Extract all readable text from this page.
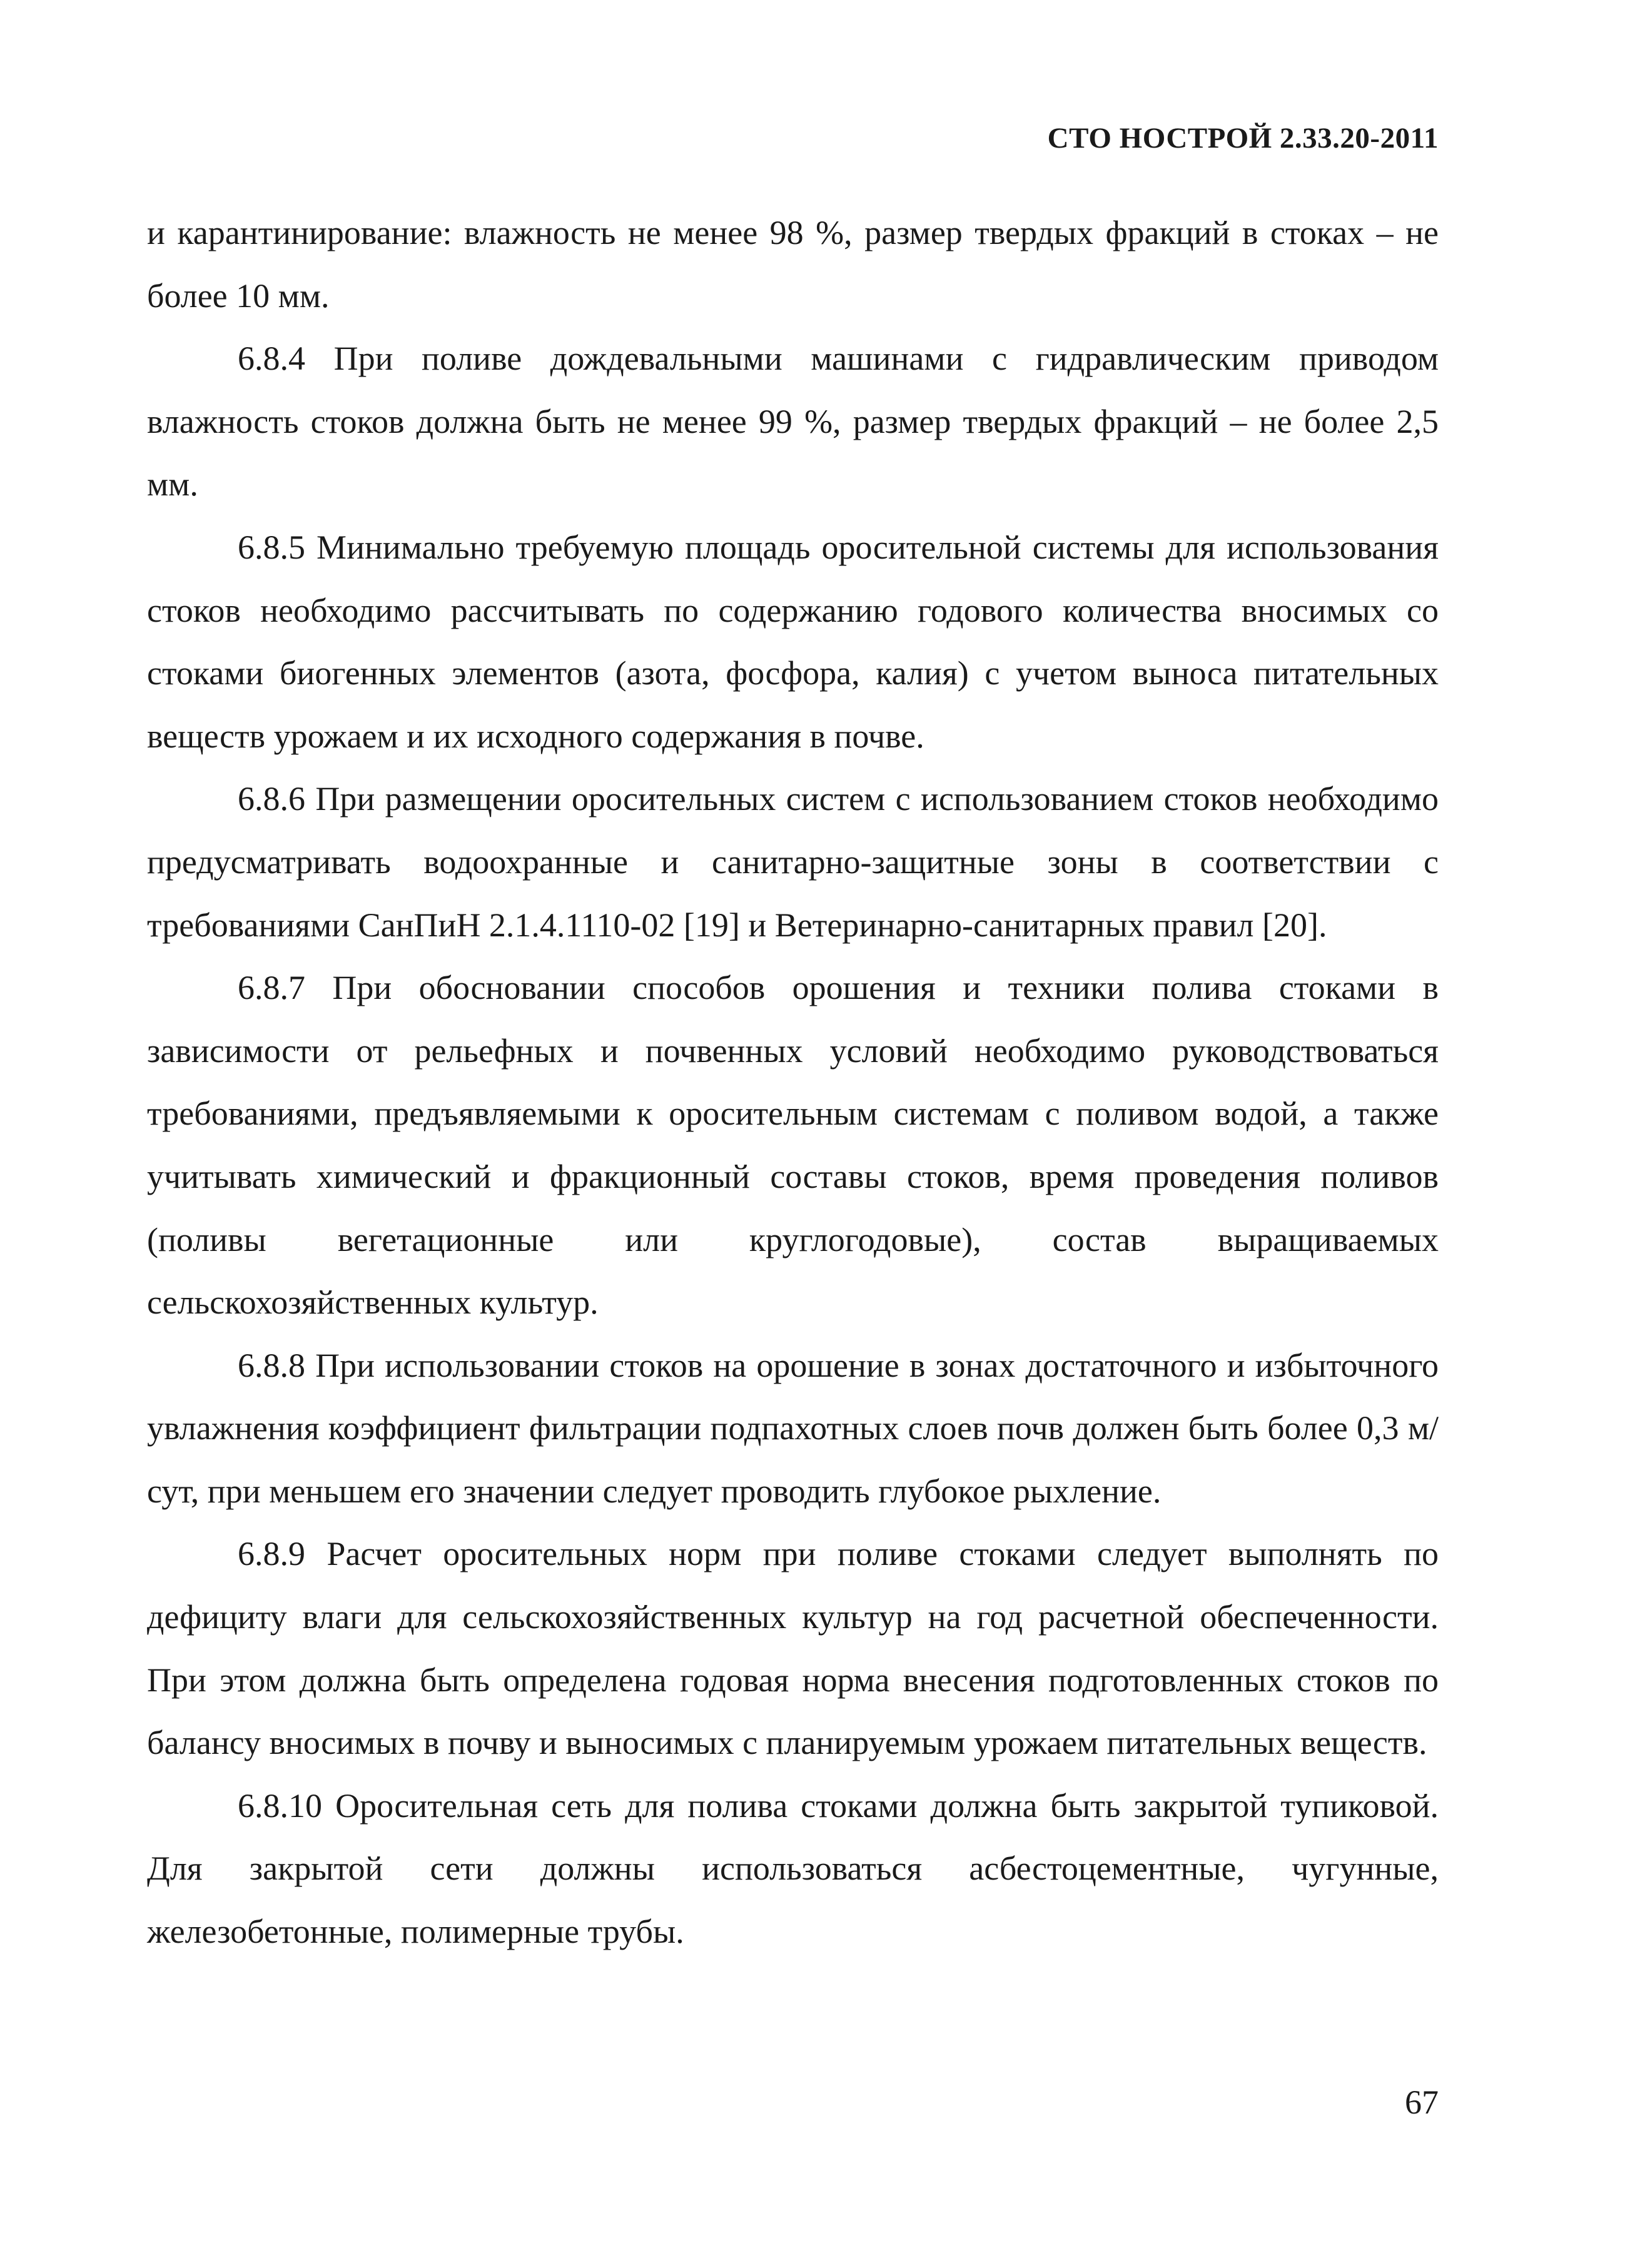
СТО НОСТРОЙ 2.33.20-2011

и карантинирование: влажность не менее 98 %, размер твердых фракций в стоках – не более 10 мм.

6.8.4 При поливе дождевальными машинами с гидравлическим приводом влажность стоков должна быть не менее 99 %, размер твердых фракций – не более 2,5 мм.

6.8.5 Минимально требуемую площадь оросительной системы для использования стоков необходимо рассчитывать по содержанию годового количества вносимых со стоками биогенных элементов (азота, фосфора, калия) с учетом выноса питательных веществ урожаем и их исходного содержания в почве.

6.8.6 При размещении оросительных систем с использованием стоков необходимо предусматривать водоохранные и санитарно-защитные зоны в соответствии с требованиями СанПиН 2.1.4.1110-02 [19] и Ветеринарно-санитарных правил [20].

6.8.7 При обосновании способов орошения и техники полива стоками в зависимости от рельефных и почвенных условий необходимо руководствоваться требованиями, предъявляемыми к оросительным системам с поливом водой, а также учитывать химический и фракционный составы стоков, время проведения поливов (поливы вегетационные или круглогодовые), состав выращиваемых сельскохозяйственных культур.

6.8.8 При использовании стоков на орошение в зонах достаточного и избыточного увлажнения коэффициент фильтрации подпахотных слоев почв должен быть более 0,3 м/сут, при меньшем его значении следует проводить глубокое рыхление.

6.8.9 Расчет оросительных норм при поливе стоками следует выполнять по дефициту влаги для сельскохозяйственных культур на год расчетной обеспеченности. При этом должна быть определена годовая норма внесения подготовленных стоков по балансу вносимых в почву и выносимых с планируемым урожаем питательных веществ.

6.8.10 Оросительная сеть для полива стоками должна быть закрытой тупиковой. Для закрытой сети должны использоваться асбестоцементные, чугунные, железобетонные, полимерные трубы.

67
